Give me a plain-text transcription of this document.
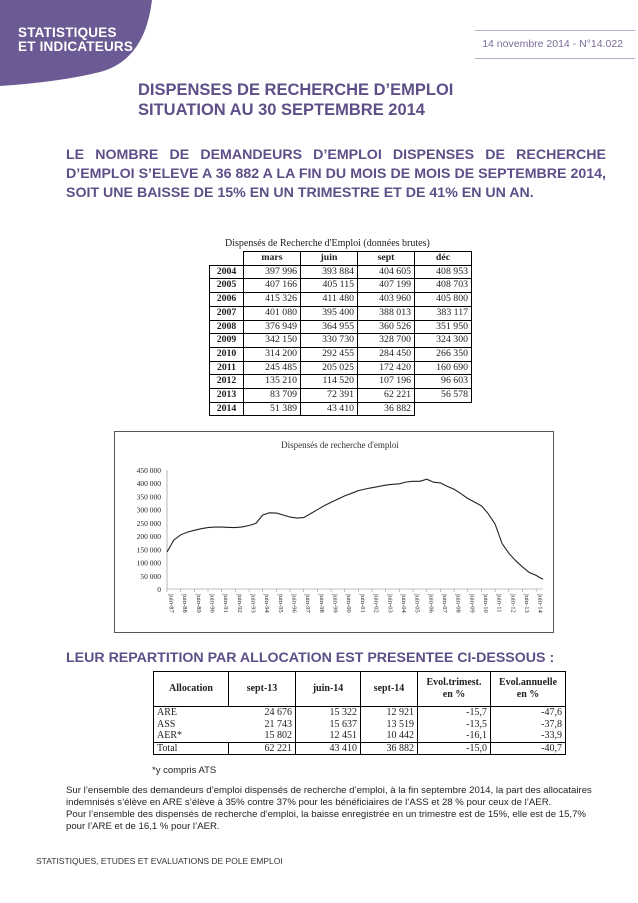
STATISTIQUES
ET INDICATEURS	14 novembre 2014 - N°14.022
DISPENSES DE RECHERCHE D’EMPLOI
SITUATION AU 30 SEPTEMBRE 2014
LE NOMBRE DE DEMANDEURS D’EMPLOI DISPENSES DE RECHERCHE D’EMPLOI S’ELEVE A 36 882 A LA FIN DU MOIS DE MOIS DE SEPTEMBRE 2014, SOIT UNE BAISSE DE 15% EN UN TRIMESTRE ET DE 41% EN UN AN.
Dispensés de Recherche d'Emploi (données brutes)
	mars	juin	sept	déc
2004	397 996	393 884	404 605	408 953
2005	407 166	405 115	407 199	408 703
2006	415 326	411 480	403 960	405 800
2007	401 080	395 400	388 013	383 117
2008	376 949	364 955	360 526	351 950
2009	342 150	330 730	328 700	324 300
2010	314 200	292 455	284 450	266 350
2011	245 485	205 025	172 420	160 690
2012	135 210	114 520	107 196	96 603
2013	83 709	72 391	62 221	56 578
2014	51 389	43 410	36 882	
Dispensés de recherche d'emploi
0
50 000
100 000
150 000
200 000
250 000
300 000
350 000
400 000
450 000
juin-87 juin-88 juin-89 juin-90 juin-91 juin-92 juin-93 juin-94 juin-95 juin-96 juin-97 juin-98 juin-99 juin-00 juin-01 juin-02 juin-03 juin-04 juin-05 juin-06 juin-07 juin-08 juin-09 juin-10 juin-11 juin-12 juin-13 juin-14
LEUR REPARTITION PAR ALLOCATION EST PRESENTEE CI-DESSOUS :
Allocation	sept-13	juin-14	sept-14	Evol.trimest. en %	Evol.annuelle en %
ARE	24 676	15 322	12 921	-15,7	-47,6
ASS	21 743	15 637	13 519	-13,5	-37,8
AER*	15 802	12 451	10 442	-16,1	-33,9
Total	62 221	43 410	36 882	-15,0	-40,7
*y compris ATS
Sur l’ensemble des demandeurs d’emploi dispensés de recherche d’emploi, à la fin septembre 2014, la part des allocataires indemnisés s’élève en ARE s’élève à 35% contre 37% pour les bénéficiaires de l’ASS et 28 % pour ceux de l’AER.
Pour l’ensemble des dispensés de recherche d’emploi, la baisse enregistrée en un trimestre est de 15%, elle est de 15,7% pour l’ARE et de 16,1 % pour l’AER.
STATISTIQUES, ETUDES ET EVALUATIONS DE POLE EMPLOI
